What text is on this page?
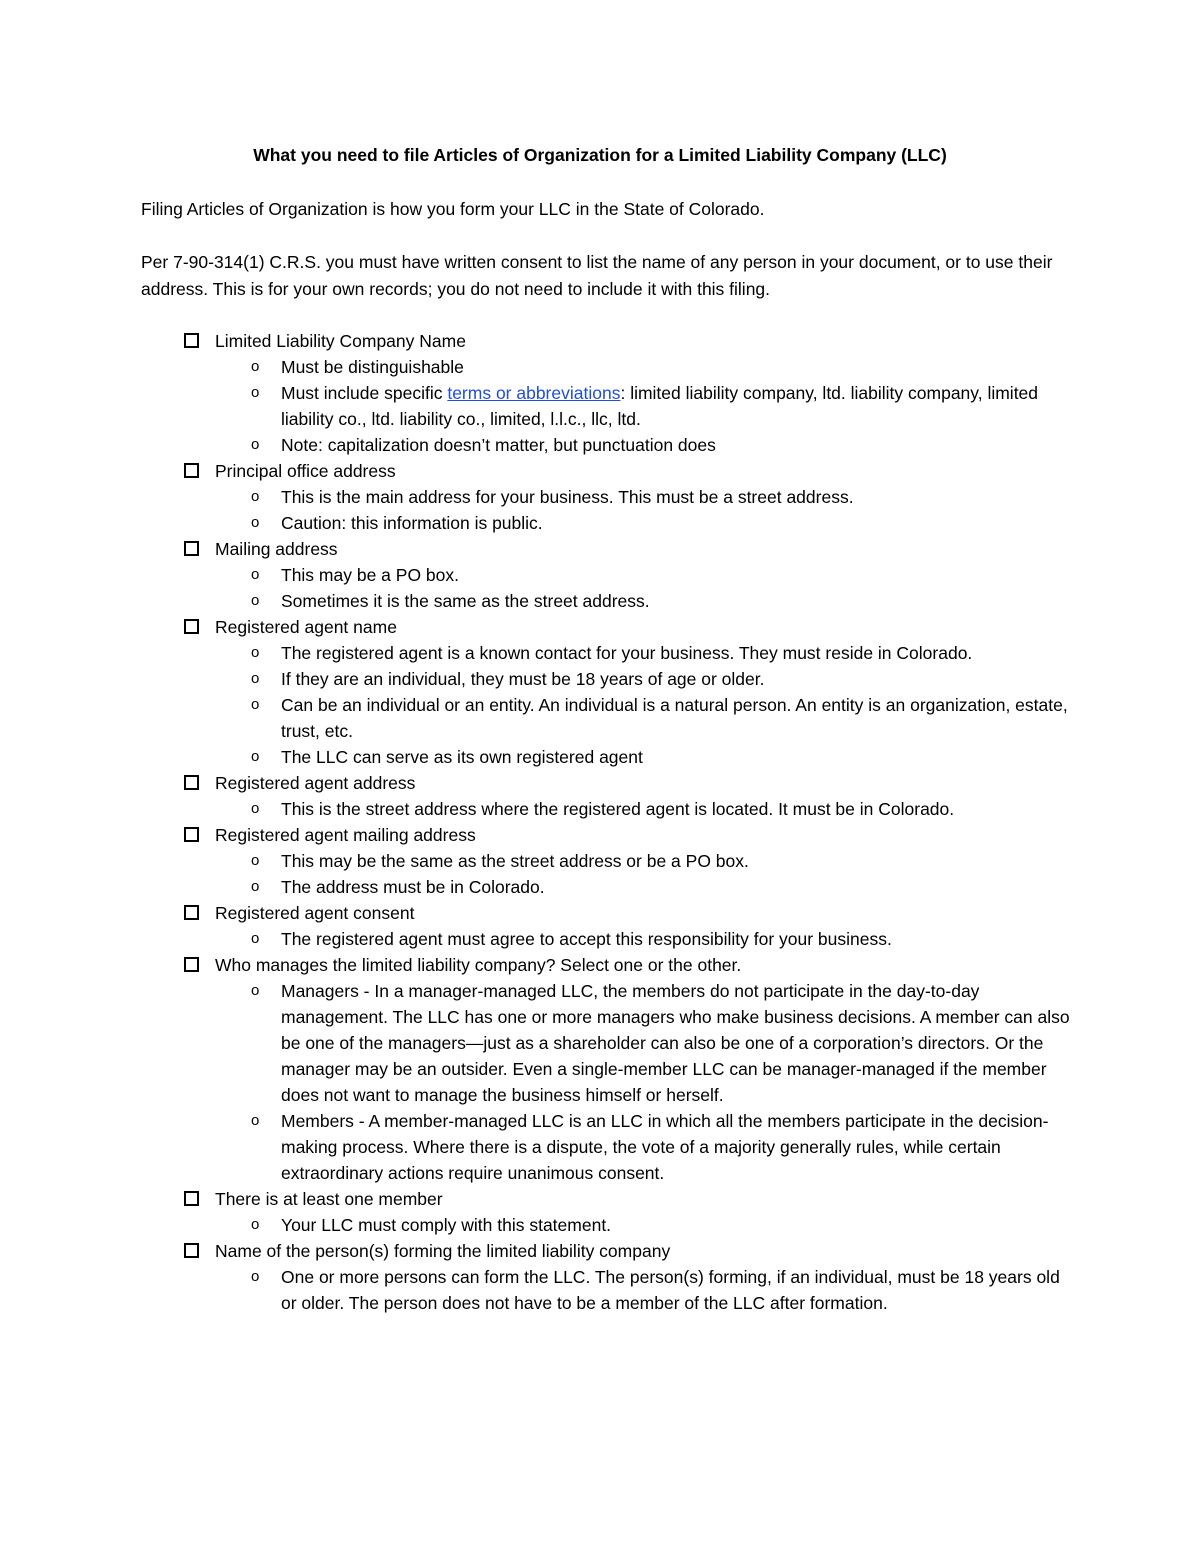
What you need to file Articles of Organization for a Limited Liability Company (LLC)
Filing Articles of Organization is how you form your LLC in the State of Colorado.
Per 7-90-314(1) C.R.S. you must have written consent to list the name of any person in your document, or to use their address. This is for your own records; you do not need to include it with this filing.
Limited Liability Company Name
o Must be distinguishable
o Must include specific terms or abbreviations: limited liability company, ltd. liability company, limited liability co., ltd. liability co., limited, l.l.c., llc, ltd.
o Note: capitalization doesn’t matter, but punctuation does
Principal office address
o This is the main address for your business. This must be a street address.
o Caution: this information is public.
Mailing address
o This may be a PO box.
o Sometimes it is the same as the street address.
Registered agent name
o The registered agent is a known contact for your business. They must reside in Colorado.
o If they are an individual, they must be 18 years of age or older.
o Can be an individual or an entity. An individual is a natural person. An entity is an organization, estate, trust, etc.
o The LLC can serve as its own registered agent
Registered agent address
o This is the street address where the registered agent is located. It must be in Colorado.
Registered agent mailing address
o This may be the same as the street address or be a PO box.
o The address must be in Colorado.
Registered agent consent
o The registered agent must agree to accept this responsibility for your business.
Who manages the limited liability company? Select one or the other.
o Managers - In a manager-managed LLC, the members do not participate in the day-to-day management. The LLC has one or more managers who make business decisions. A member can also be one of the managers—just as a shareholder can also be one of a corporation’s directors. Or the manager may be an outsider. Even a single-member LLC can be manager-managed if the member does not want to manage the business himself or herself.
o Members - A member-managed LLC is an LLC in which all the members participate in the decision-making process. Where there is a dispute, the vote of a majority generally rules, while certain extraordinary actions require unanimous consent.
There is at least one member
o Your LLC must comply with this statement.
Name of the person(s) forming the limited liability company
o One or more persons can form the LLC. The person(s) forming, if an individual, must be 18 years old or older. The person does not have to be a member of the LLC after formation.
